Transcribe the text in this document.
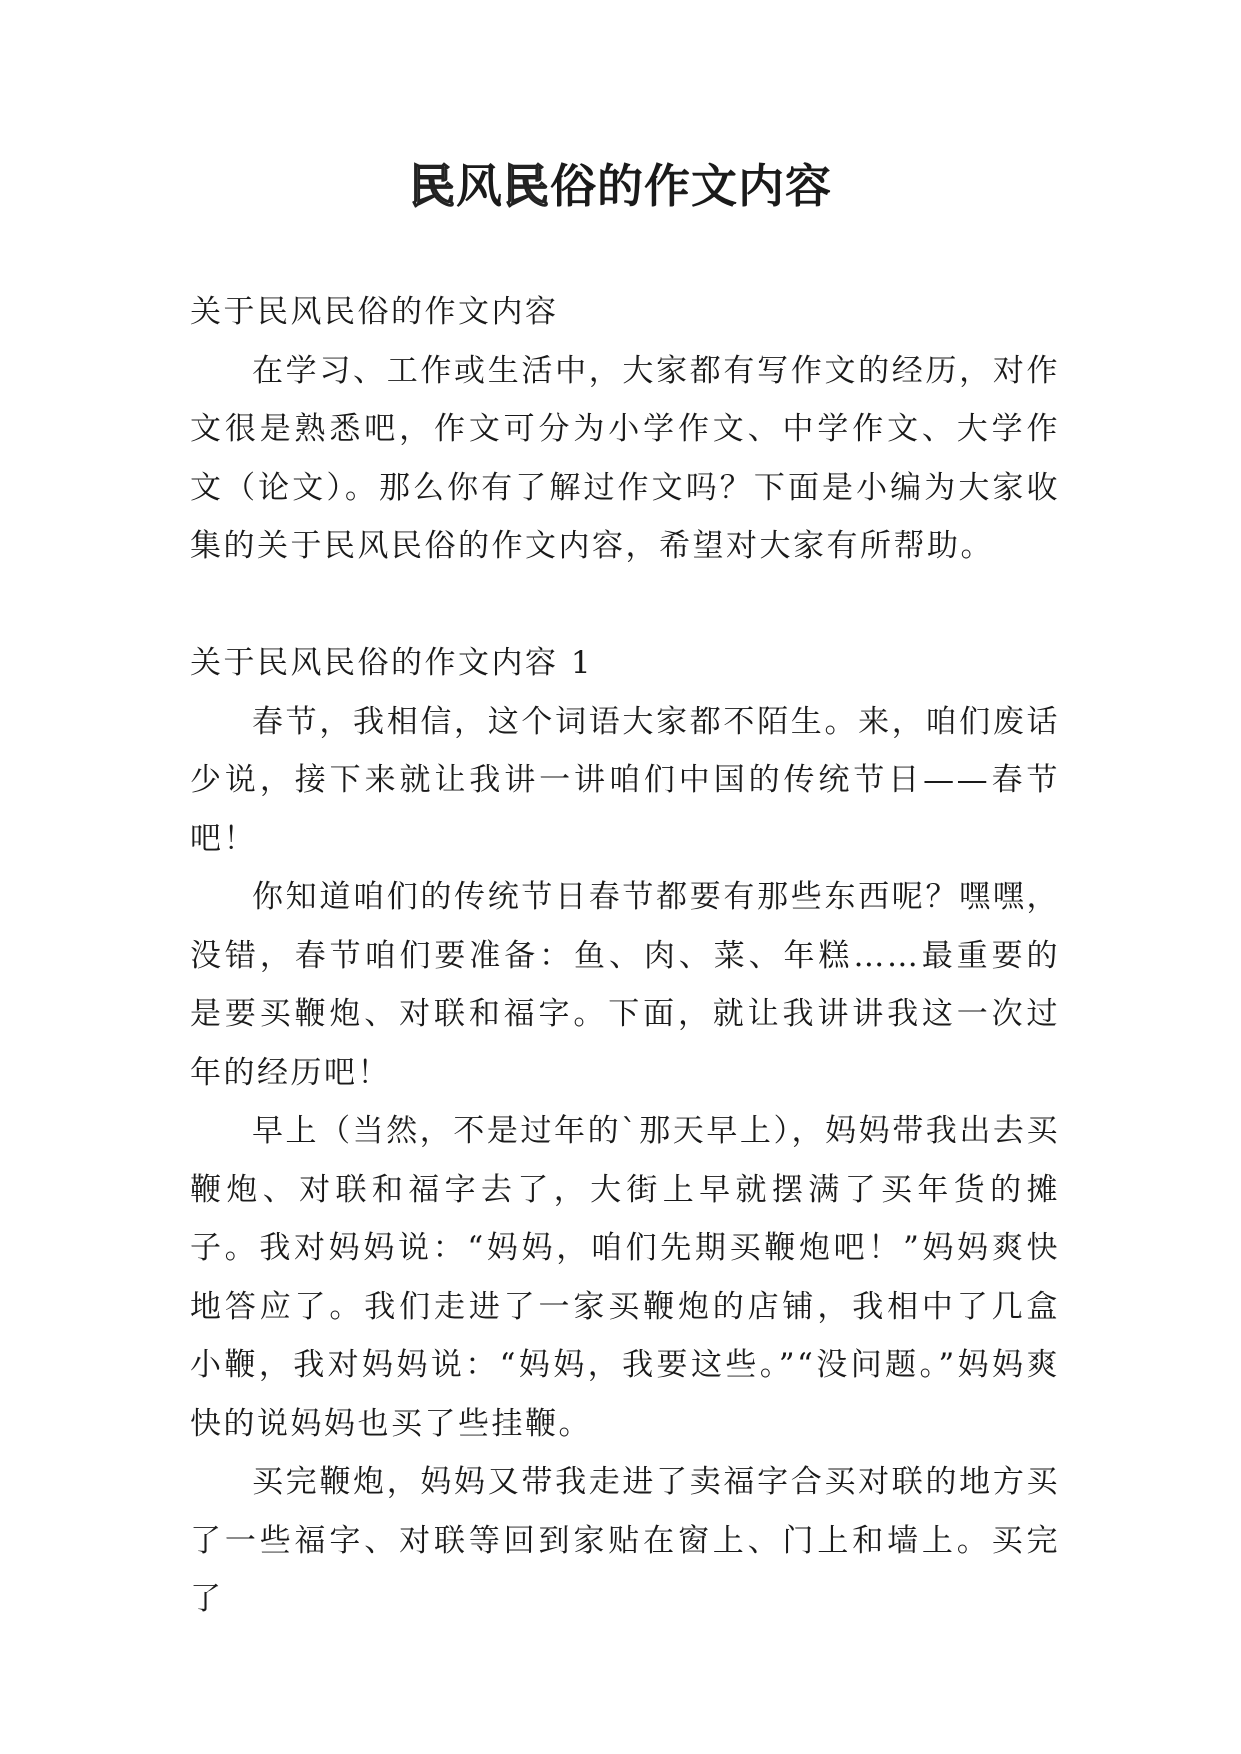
民风民俗的作文内容

关于民风民俗的作文内容

在学习、工作或生活中，大家都有写作文的经历，对作文很是熟悉吧，作文可分为小学作文、中学作文、大学作文（论文）。那么你有了解过作文吗？下面是小编为大家收集的关于民风民俗的作文内容，希望对大家有所帮助。

关于民风民俗的作文内容 1

春节，我相信，这个词语大家都不陌生。来，咱们废话少说，接下来就让我讲一讲咱们中国的传统节日——春节吧！

你知道咱们的传统节日春节都要有那些东西呢？嘿嘿，没错，春节咱们要准备：鱼、肉、菜、年糕……最重要的是要买鞭炮、对联和福字。下面，就让我讲讲我这一次过年的经历吧！

早上（当然，不是过年的`那天早上），妈妈带我出去买鞭炮、对联和福字去了，大街上早就摆满了买年货的摊子。我对妈妈说：“妈妈，咱们先期买鞭炮吧！”妈妈爽快地答应了。我们走进了一家买鞭炮的店铺，我相中了几盒小鞭，我对妈妈说：“妈妈，我要这些。”“没问题。”妈妈爽快的说妈妈也买了些挂鞭。

买完鞭炮，妈妈又带我走进了卖福字合买对联的地方买了一些福字、对联等回到家贴在窗上、门上和墙上。买完了
